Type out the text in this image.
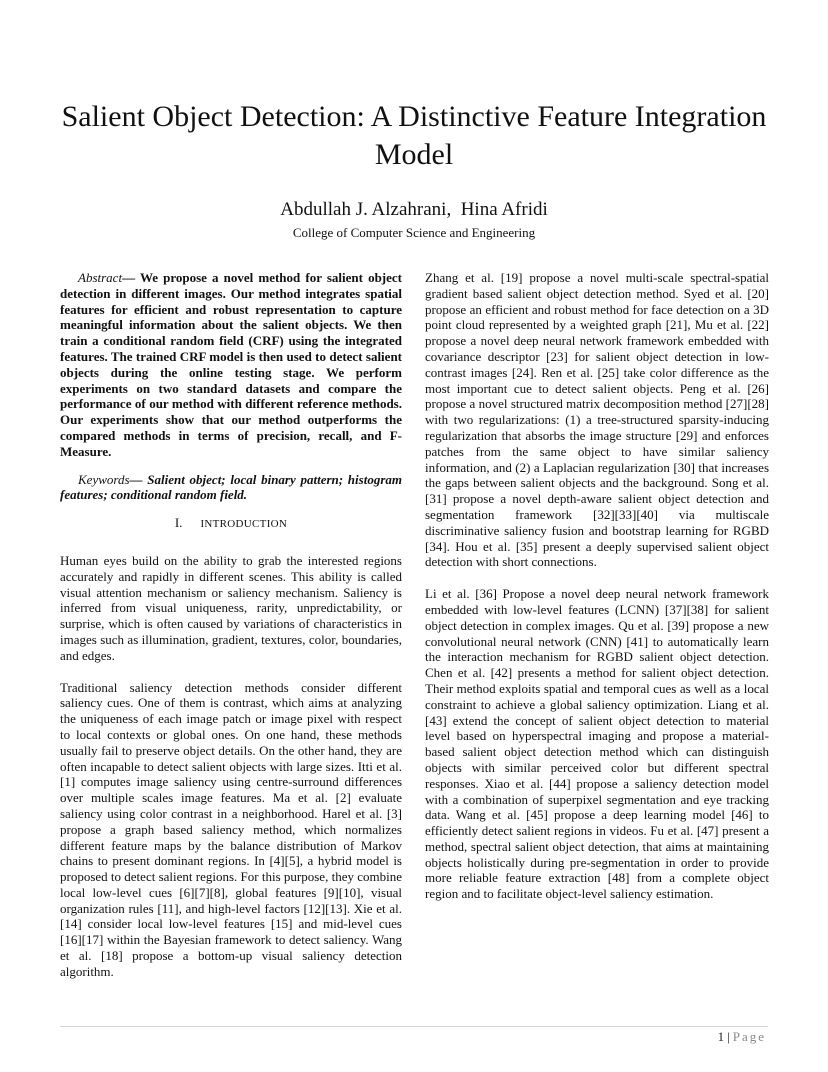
Salient Object Detection: A Distinctive Feature Integration Model
Abdullah J. Alzahrani,  Hina Afridi
College of Computer Science and Engineering

Abstract— We propose a novel method for salient object detection in different images. Our method integrates spatial features for efficient and robust representation to capture meaningful information about the salient objects. We then train a conditional random field (CRF) using the integrated features. The trained CRF model is then used to detect salient objects during the online testing stage. We perform experiments on two standard datasets and compare the performance of our method with different reference methods. Our experiments show that our method outperforms the compared methods in terms of precision, recall, and F-Measure.

Keywords— Salient object; local binary pattern; histogram features; conditional random field.

I. INTRODUCTION

Human eyes build on the ability to grab the interested regions accurately and rapidly in different scenes. This ability is called visual attention mechanism or saliency mechanism. Saliency is inferred from visual uniqueness, rarity, unpredictability, or surprise, which is often caused by variations of characteristics in images such as illumination, gradient, textures, color, boundaries, and edges.

Traditional saliency detection methods consider different saliency cues. One of them is contrast, which aims at analyzing the uniqueness of each image patch or image pixel with respect to local contexts or global ones. On one hand, these methods usually fail to preserve object details. On the other hand, they are often incapable to detect salient objects with large sizes. Itti et al. [1] computes image saliency using centre-surround differences over multiple scales image features. Ma et al. [2] evaluate saliency using color contrast in a neighborhood. Harel et al. [3] propose a graph based saliency method, which normalizes different feature maps by the balance distribution of Markov chains to present dominant regions. In [4][5], a hybrid model is proposed to detect salient regions. For this purpose, they combine local low-level cues [6][7][8], global features [9][10], visual organization rules [11], and high-level factors [12][13]. Xie et al. [14] consider local low-level features [15] and mid-level cues [16][17] within the Bayesian framework to detect saliency. Wang et al. [18] propose a bottom-up visual saliency detection algorithm.

Zhang et al. [19] propose a novel multi-scale spectral-spatial gradient based salient object detection method. Syed et al. [20] propose an efficient and robust method for face detection on a 3D point cloud represented by a weighted graph [21], Mu et al. [22] propose a novel deep neural network framework embedded with covariance descriptor [23] for salient object detection in low-contrast images [24]. Ren et al. [25] take color difference as the most important cue to detect salient objects. Peng et al. [26] propose a novel structured matrix decomposition method [27][28] with two regularizations: (1) a tree-structured sparsity-inducing regularization that absorbs the image structure [29] and enforces patches from the same object to have similar saliency information, and (2) a Laplacian regularization [30] that increases the gaps between salient objects and the background. Song et al. [31] propose a novel depth-aware salient object detection and segmentation framework [32][33][40] via multiscale discriminative saliency fusion and bootstrap learning for RGBD [34]. Hou et al. [35] present a deeply supervised salient object detection with short connections.

Li et al. [36] Propose a novel deep neural network framework embedded with low-level features (LCNN) [37][38] for salient object detection in complex images. Qu et al. [39] propose a new convolutional neural network (CNN) [41] to automatically learn the interaction mechanism for RGBD salient object detection. Chen et al. [42] presents a method for salient object detection. Their method exploits spatial and temporal cues as well as a local constraint to achieve a global saliency optimization. Liang et al. [43] extend the concept of salient object detection to material level based on hyperspectral imaging and propose a material-based salient object detection method which can distinguish objects with similar perceived color but different spectral responses. Xiao et al. [44] propose a saliency detection model with a combination of superpixel segmentation and eye tracking data. Wang et al. [45] propose a deep learning model [46] to efficiently detect salient regions in videos. Fu et al. [47] present a method, spectral salient object detection, that aims at maintaining objects holistically during pre-segmentation in order to provide more reliable feature extraction [48] from a complete object region and to facilitate object-level saliency estimation.

1 | Page
